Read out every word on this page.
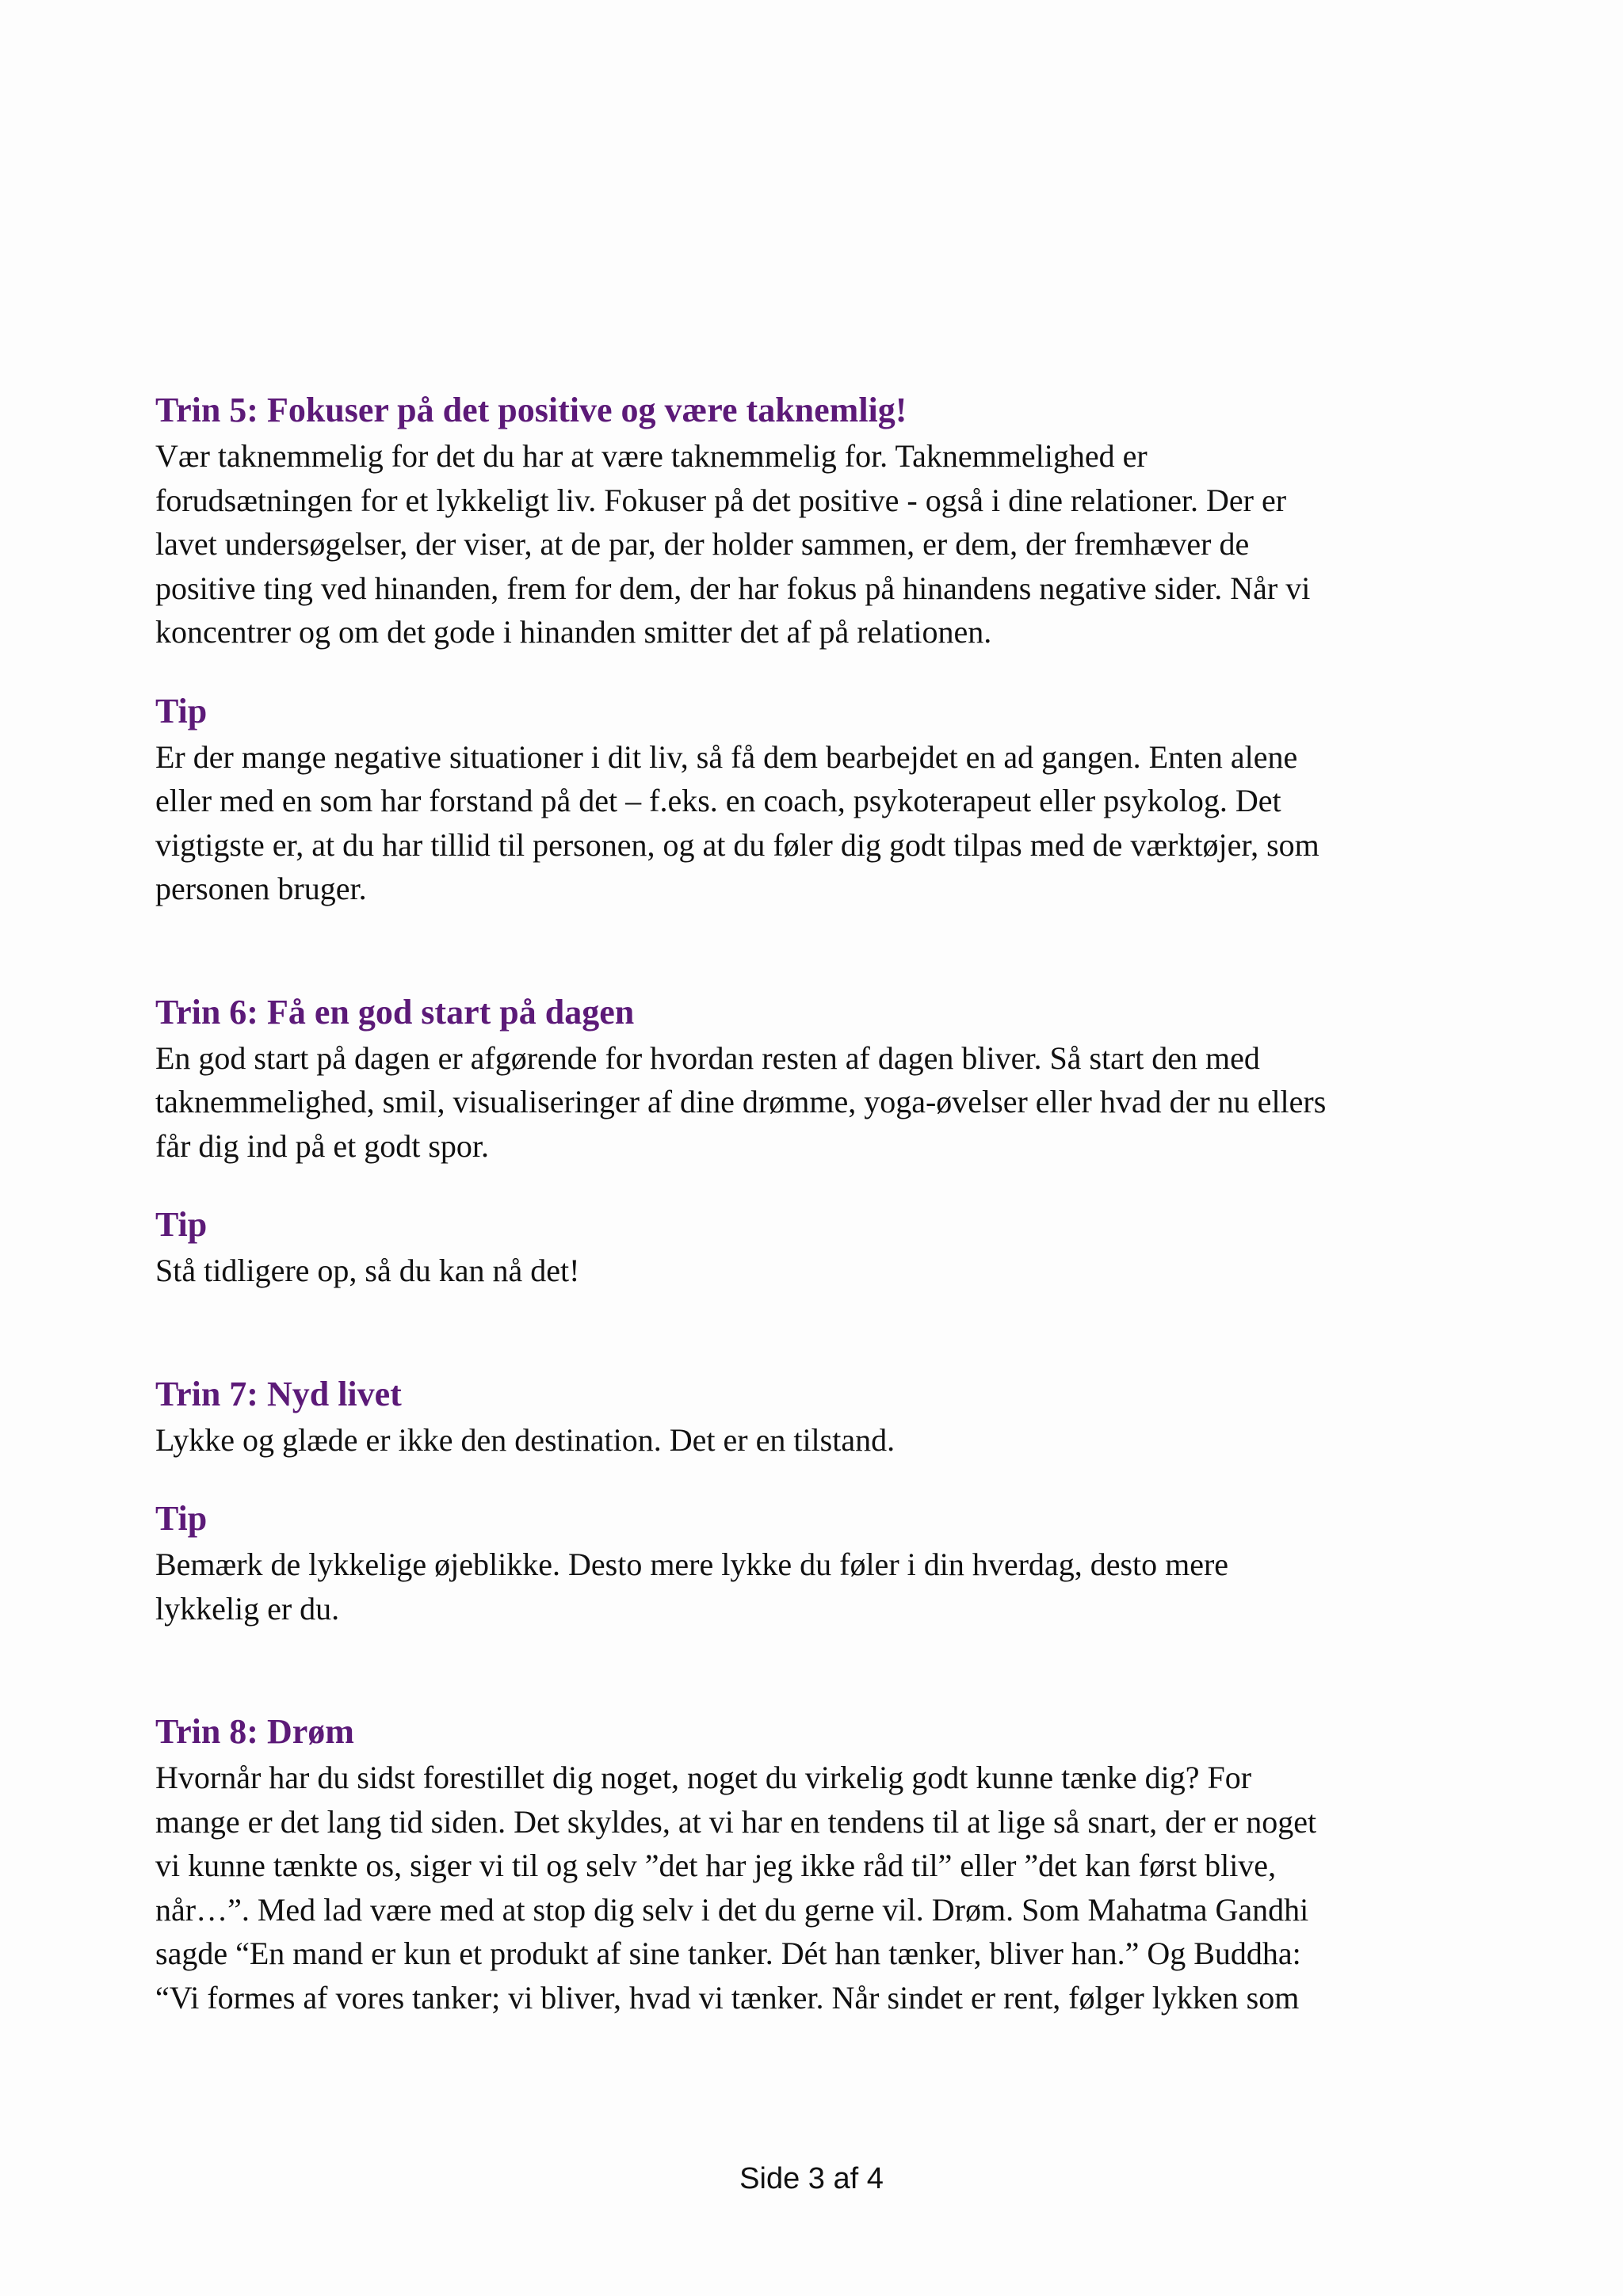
Trin 5: Fokuser på det positive og være taknemlig!

Vær taknemmelig for det du har at være taknemmelig for. Taknemmelighed er

forudsætningen for et lykkeligt liv. Fokuser på det positive - også i dine relationer. Der er

lavet undersøgelser, der viser, at de par, der holder sammen, er dem, der fremhæver de

positive ting ved hinanden, frem for dem, der har fokus på hinandens negative sider. Når vi

koncentrer og om det gode i hinanden smitter det af på relationen.

Tip

Er der mange negative situationer i dit liv, så få dem bearbejdet en ad gangen. Enten alene

eller med en som har forstand på det – f.eks. en coach, psykoterapeut eller psykolog. Det

vigtigste er, at du har tillid til personen, og at du føler dig godt tilpas med de værktøjer, som

personen bruger.

Trin 6: Få en god start på dagen

En god start på dagen er afgørende for hvordan resten af dagen bliver. Så start den med

taknemmelighed, smil, visualiseringer af dine drømme, yoga-øvelser eller hvad der nu ellers

får dig ind på et godt spor.

Tip

Stå tidligere op, så du kan nå det!

Trin 7: Nyd livet

Lykke og glæde er ikke den destination. Det er en tilstand.

Tip

Bemærk de lykkelige øjeblikke. Desto mere lykke du føler i din hverdag, desto mere

lykkelig er du.

Trin 8: Drøm

Hvornår har du sidst forestillet dig noget, noget du virkelig godt kunne tænke dig? For

mange er det lang tid siden. Det skyldes, at vi har en tendens til at lige så snart, der er noget

vi kunne tænkte os, siger vi til og selv ”det har jeg ikke råd til” eller ”det kan først blive,

når…”. Med lad være med at stop dig selv i det du gerne vil. Drøm. Som Mahatma Gandhi

sagde “En mand er kun et produkt af sine tanker. Dét han tænker, bliver han.” Og Buddha:

“Vi formes af vores tanker; vi bliver, hvad vi tænker. Når sindet er rent, følger lykken som

Side 3 af 4
